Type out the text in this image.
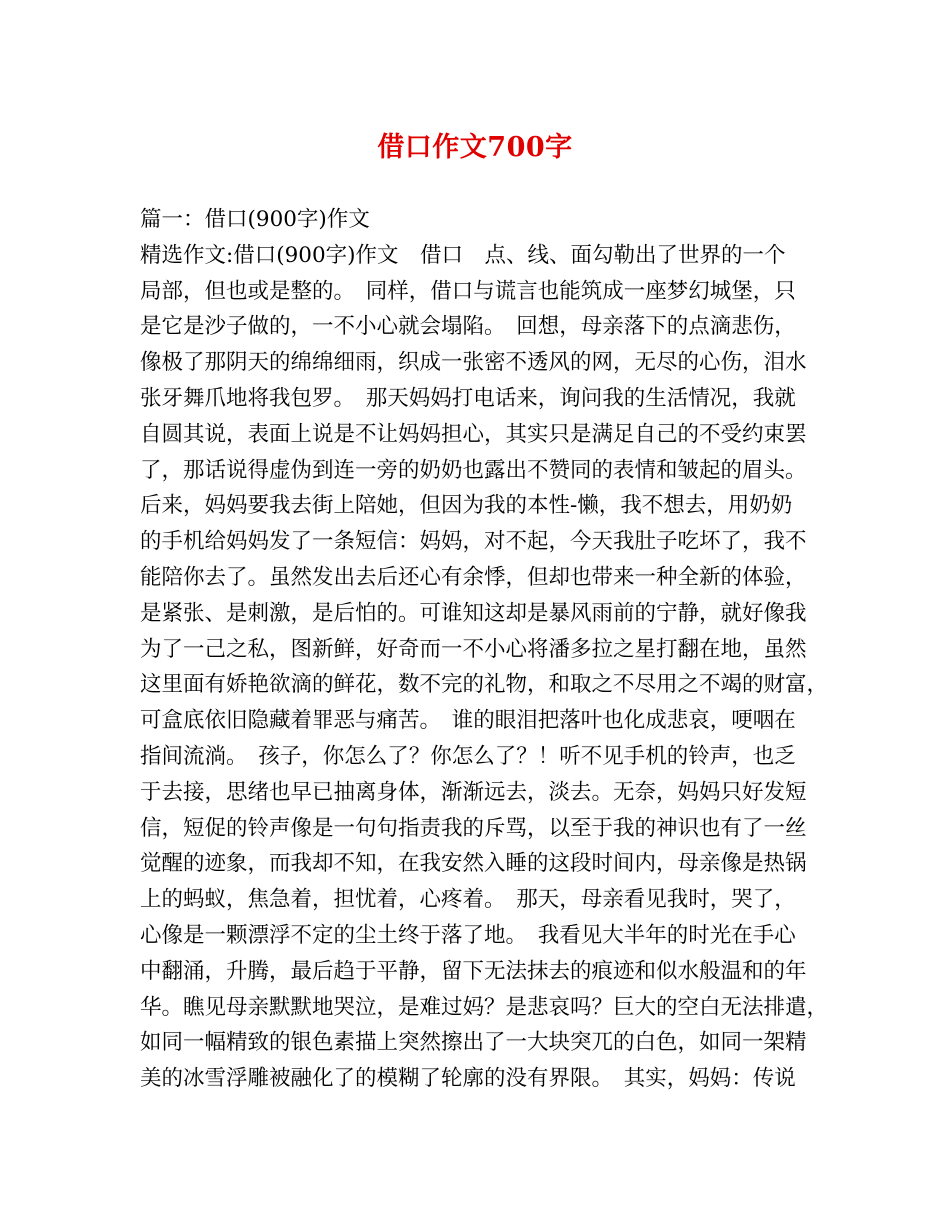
借口作文700字
篇一：借口(900字)作文
精选作文:借口(900字)作文　借口　点、线、面勾勒出了世界的一个
局部，但也或是整的。　同样，借口与谎言也能筑成一座梦幻城堡，只
是它是沙子做的，一不小心就会塌陷。　回想，母亲落下的点滴悲伤，
像极了那阴天的绵绵细雨，织成一张密不透风的网，无尽的心伤，泪水
张牙舞爪地将我包罗。　那天妈妈打电话来，询问我的生活情况，我就
自圆其说，表面上说是不让妈妈担心，其实只是满足自己的不受约束罢
了，那话说得虚伪到连一旁的奶奶也露出不赞同的表情和皱起的眉头。
后来，妈妈要我去街上陪她，但因为我的本性-懒，我不想去，用奶奶
的手机给妈妈发了一条短信：妈妈，对不起，今天我肚子吃坏了，我不
能陪你去了。虽然发出去后还心有余悸，但却也带来一种全新的体验，
是紧张、是刺激，是后怕的。可谁知这却是暴风雨前的宁静，就好像我
为了一己之私，图新鲜，好奇而一不小心将潘多拉之星打翻在地，虽然
这里面有娇艳欲滴的鲜花，数不完的礼物，和取之不尽用之不竭的财富，
可盒底依旧隐藏着罪恶与痛苦。　谁的眼泪把落叶也化成悲哀，哽咽在
指间流淌。　孩子，你怎么了？你怎么了？！听不见手机的铃声，也乏
于去接，思绪也早已抽离身体，渐渐远去，淡去。无奈，妈妈只好发短
信，短促的铃声像是一句句指责我的斥骂，以至于我的神识也有了一丝
觉醒的迹象，而我却不知，在我安然入睡的这段时间内，母亲像是热锅
上的蚂蚁，焦急着，担忧着，心疼着。　那天，母亲看见我时，哭了，
心像是一颗漂浮不定的尘土终于落了地。　我看见大半年的时光在手心
中翻涌，升腾，最后趋于平静，留下无法抹去的痕迹和似水般温和的年
华。瞧见母亲默默地哭泣，是难过妈？是悲哀吗？巨大的空白无法排遣，
如同一幅精致的银色素描上突然擦出了一大块突兀的白色，如同一架精
美的冰雪浮雕被融化了的模糊了轮廓的没有界限。　其实，妈妈：传说
